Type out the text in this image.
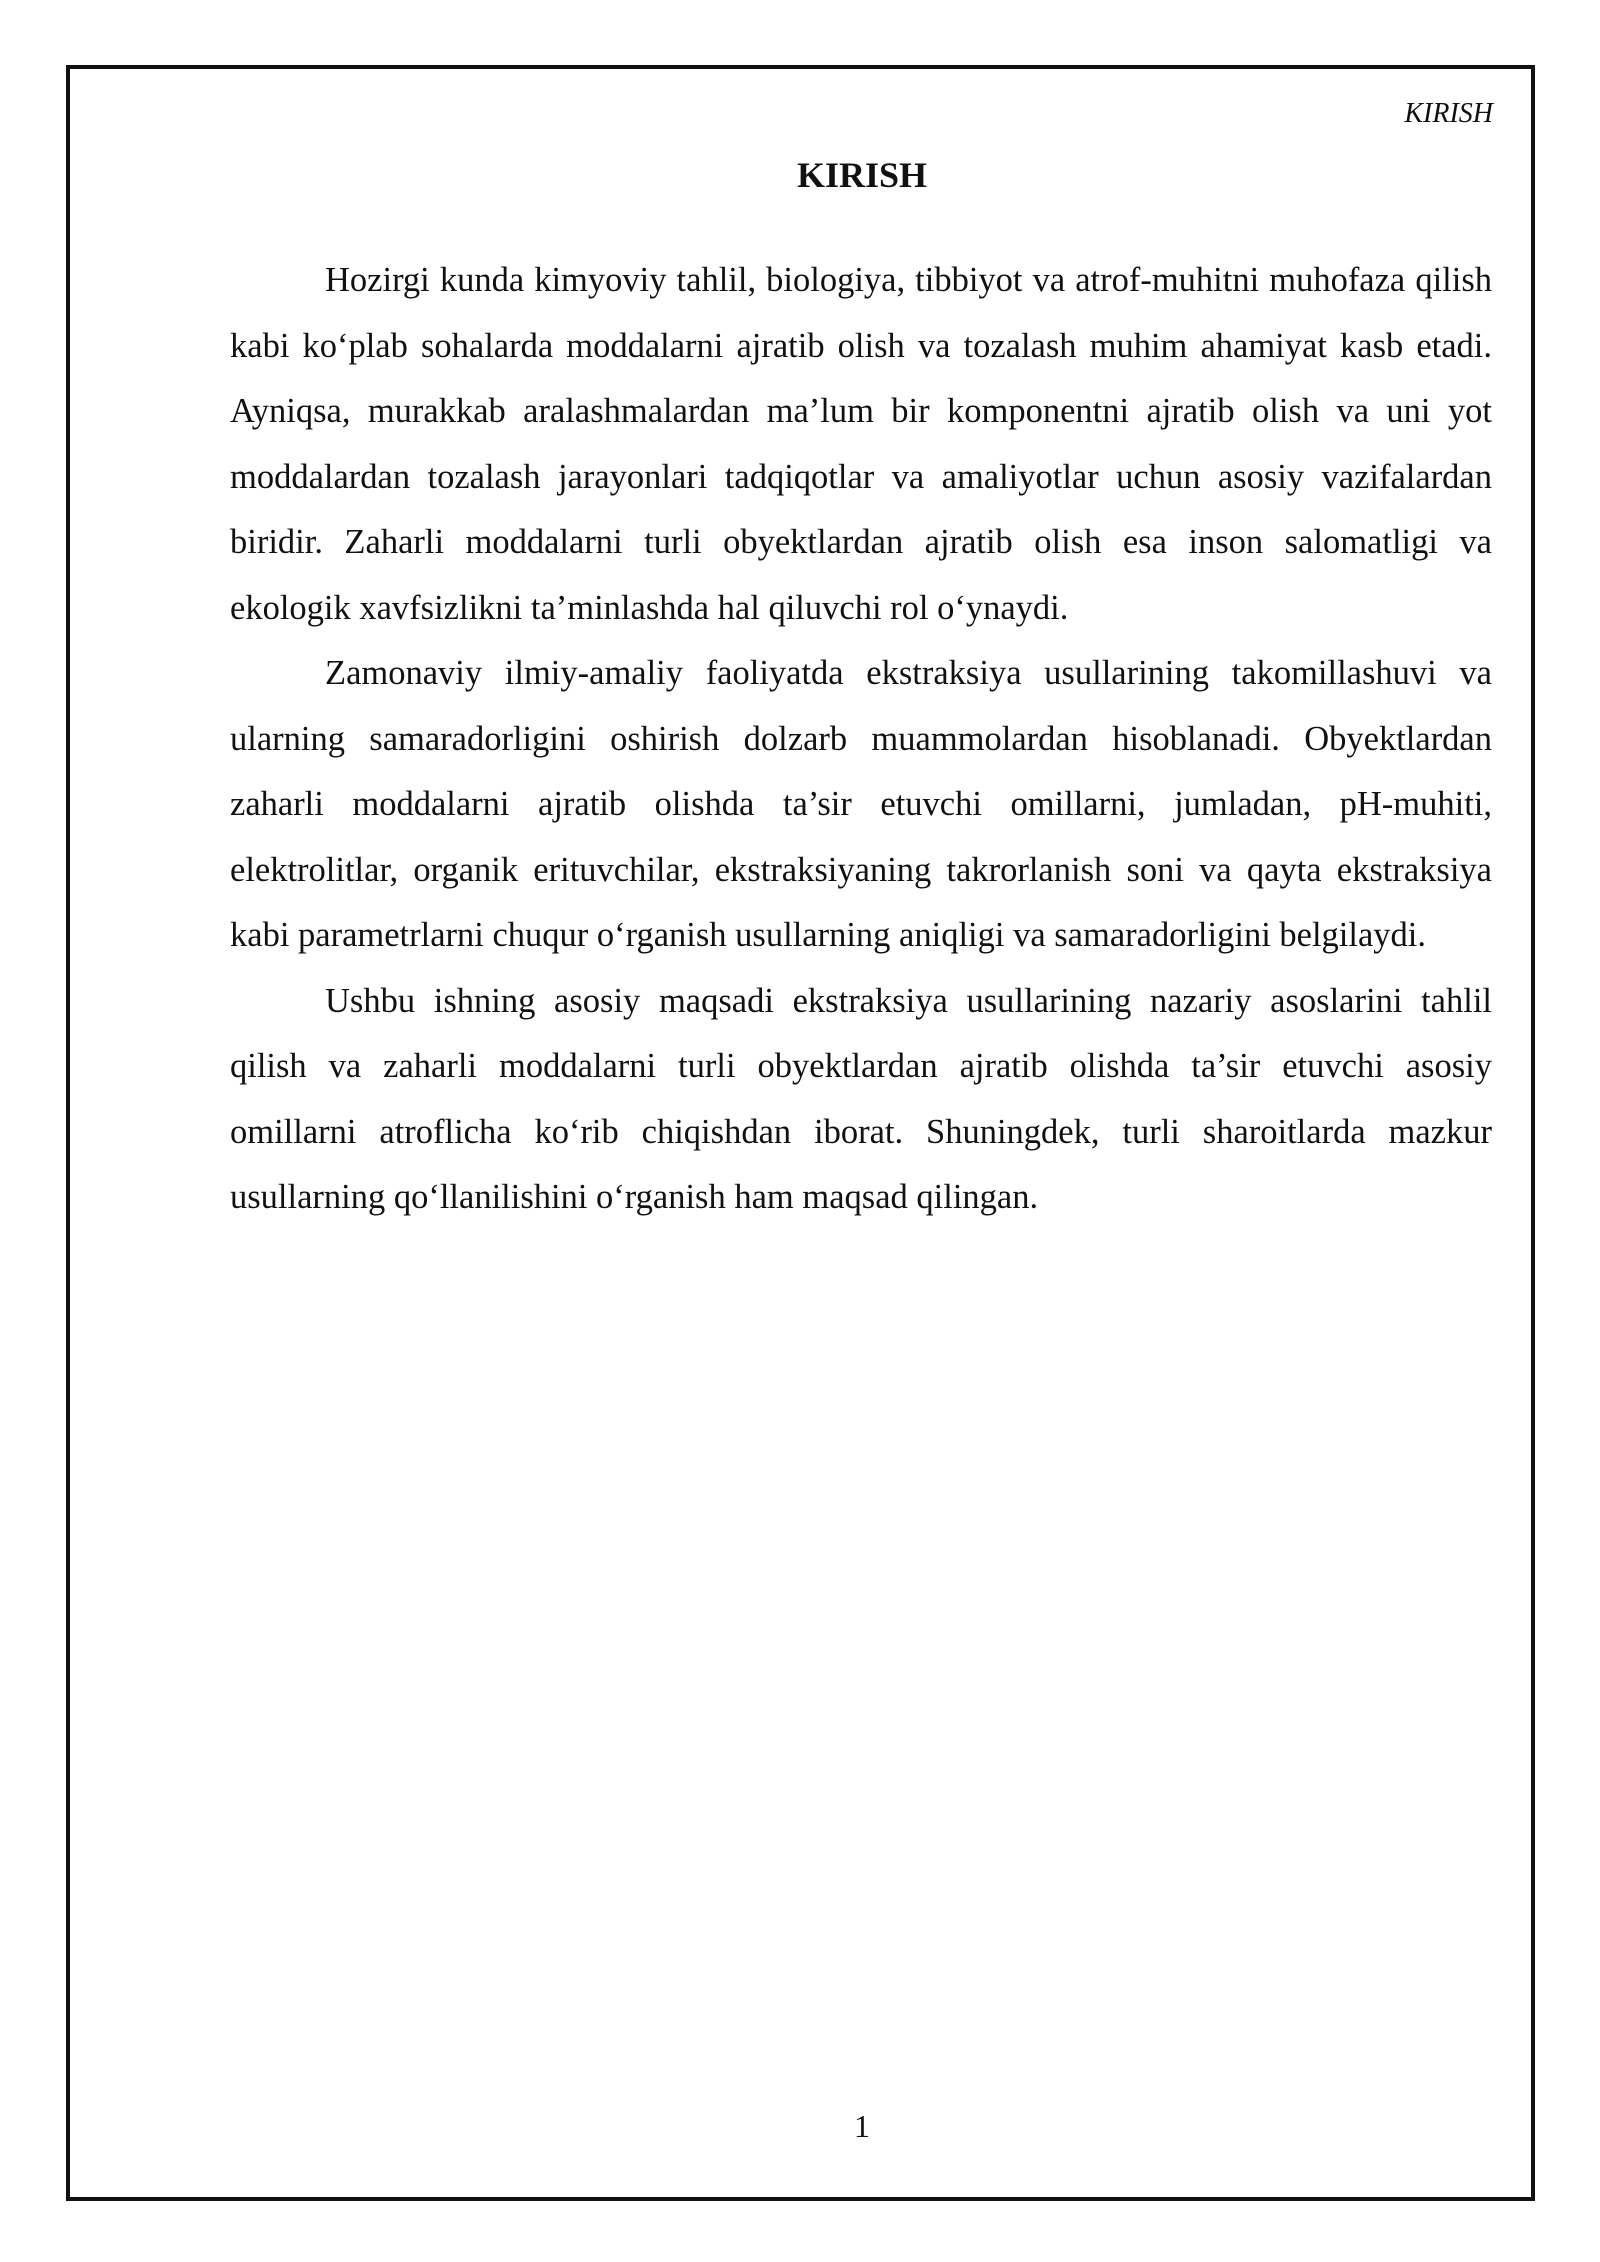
KIRISH
KIRISH

Hozirgi kunda kimyoviy tahlil, biologiya, tibbiyot va atrof-muhitni muhofaza qilish kabi ko‘plab sohalarda moddalarni ajratib olish va tozalash muhim ahamiyat kasb etadi. Ayniqsa, murakkab aralashmalardan ma’lum bir komponentni ajratib olish va uni yot moddalardan tozalash jarayonlari tadqiqotlar va amaliyotlar uchun asosiy vazifalardan biridir. Zaharli moddalarni turli obyektlardan ajratib olish esa inson salomatligi va ekologik xavfsizlikni ta’minlashda hal qiluvchi rol o‘ynaydi.

Zamonaviy ilmiy-amaliy faoliyatda ekstraksiya usullarining takomillashuvi va ularning samaradorligini oshirish dolzarb muammolardan hisoblanadi. Obyektlardan zaharli moddalarni ajratib olishda ta’sir etuvchi omillarni, jumladan, pH-muhiti, elektrolitlar, organik erituvchilar, ekstraksiyaning takrorlanish soni va qayta ekstraksiya kabi parametrlarni chuqur o‘rganish usullarning aniqligi va samaradorligini belgilaydi.

Ushbu ishning asosiy maqsadi ekstraksiya usullarining nazariy asoslarini tahlil qilish va zaharli moddalarni turli obyektlardan ajratib olishda ta’sir etuvchi asosiy omillarni atroflicha ko‘rib chiqishdan iborat. Shuningdek, turli sharoitlarda mazkur usullarning qo‘llanilishini o‘rganish ham maqsad qilingan.

1
